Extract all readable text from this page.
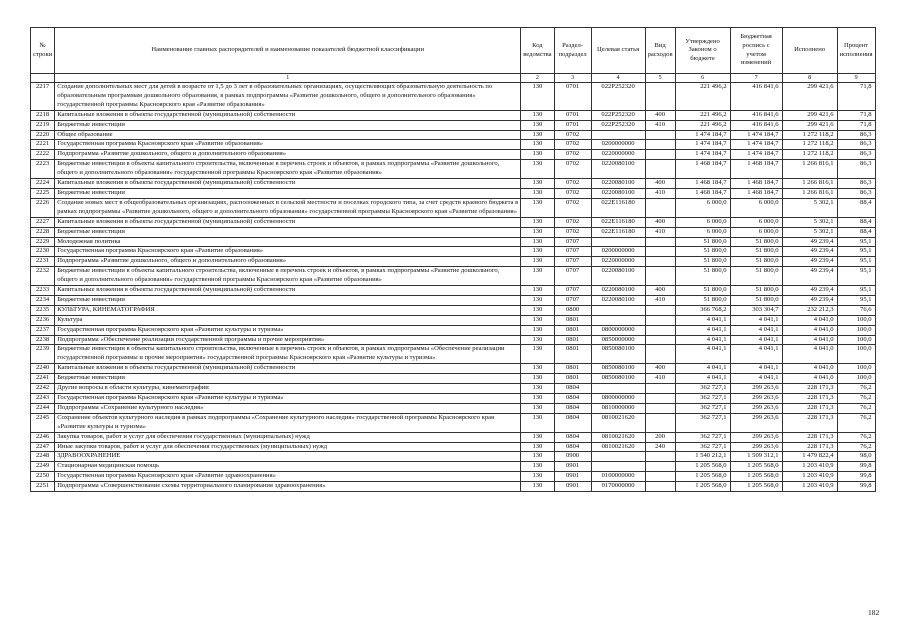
№ строки	Наименование главных распорядителей и наименование показателей бюджетной классификации	Код ведомства	Раздел-подраздел	Целевая статья	Вид расходов	Утверждено Законом о бюджете	Бюджетная роспись с учетом изменений	Исполнено	Процент исполнения
	1	2	3	4	5	6	7	8	9
2217	Создание дополнительных мест для детей в возрасте от 1,5 до 3 лет в образовательных организациях, осуществляющих образовательную деятельность по образовательным программам дошкольного образования, в рамках подпрограммы «Развитие дошкольного, общего и дополнительного образования» государственной программы Красноярского края «Развитие образования»	130	0701	022P252320		221 496,2	416 841,6	299 421,6	71,8
2218	Капитальные вложения в объекты государственной (муниципальной) собственности	130	0701	022P252320	400	221 496,2	416 841,6	299 421,6	71,8
2219	Бюджетные инвестиции	130	0701	022P252320	410	221 496,2	416 841,6	299 421,6	71,8
2220	Общее образование	130	0702			1 474 184,7	1 474 184,7	1 272 118,2	86,3
2221	Государственная программа Красноярского края «Развитие образования»	130	0702	0200000000		1 474 184,7	1 474 184,7	1 272 118,2	86,3
2222	Подпрограмма «Развитие дошкольного, общего и дополнительного образования»	130	0702	0220000000		1 474 184,7	1 474 184,7	1 272 118,2	86,3
2223	Бюджетные инвестиции в объекты капитального строительства, включенные в перечень строек и объектов, в рамках подпрограммы «Развитие дошкольного, общего и дополнительного образования» государственной программы Красноярского края «Развитие образования»	130	0702	0220080100		1 468 184,7	1 468 184,7	1 266 816,1	86,3
2224	Капитальные вложения в объекты государственной (муниципальной) собственности	130	0702	0220080100	400	1 468 184,7	1 468 184,7	1 266 816,1	86,3
2225	Бюджетные инвестиции	130	0702	0220080100	410	1 468 184,7	1 468 184,7	1 266 816,1	86,3
2226	Создание новых мест в общеобразовательных организациях, расположенных в сельской местности и поселках городского типа, за счет средств краевого бюджета в рамках подпрограммы «Развитие дошкольного, общего и дополнительного образования» государственной программы Красноярского края «Развитие образования»	130	0702	022E116180		6 000,0	6 000,0	5 302,1	88,4
2227	Капитальные вложения в объекты государственной (муниципальной) собственности	130	0702	022E116180	400	6 000,0	6 000,0	5 302,1	88,4
2228	Бюджетные инвестиции	130	0702	022E116180	410	6 000,0	6 000,0	5 302,1	88,4
2229	Молодежная политика	130	0707			51 800,0	51 800,0	49 239,4	95,1
2230	Государственная программа Красноярского края «Развитие образования»	130	0707	0200000000		51 800,0	51 800,0	49 239,4	95,1
2231	Подпрограмма «Развитие дошкольного, общего и дополнительного образования»	130	0707	0220000000		51 800,0	51 800,0	49 239,4	95,1
2232	Бюджетные инвестиции в объекты капитального строительства, включенные в перечень строек и объектов, в рамках подпрограммы «Развитие дошкольного, общего и дополнительного образования» государственной программы Красноярского края «Развитие образования»	130	0707	0220080100		51 800,0	51 800,0	49 239,4	95,1
2233	Капитальные вложения в объекты государственной (муниципальной) собственности	130	0707	0220080100	400	51 800,0	51 800,0	49 239,4	95,1
2234	Бюджетные инвестиции	130	0707	0220080100	410	51 800,0	51 800,0	49 239,4	95,1
2235	КУЛЬТУРА, КИНЕМАТОГРАФИЯ	130	0800			366 768,2	303 304,7	232 212,3	76,6
2236	Культура	130	0801			4 041,1	4 041,1	4 041,0	100,0
2237	Государственная программа Красноярского края «Развитие культуры и туризма»	130	0801	0800000000		4 041,1	4 041,1	4 041,0	100,0
2238	Подпрограмма «Обеспечение реализации государственной программы и прочие мероприятия»	130	0801	0850000000		4 041,1	4 041,1	4 041,0	100,0
2239	Бюджетные инвестиции в объекты капитального строительства, включенные в перечень строек и объектов, в рамках подпрограммы «Обеспечение реализации государственной программы и прочие мероприятия» государственной программы Красноярского края «Развитие культуры и туризма»	130	0801	0850080100		4 041,1	4 041,1	4 041,0	100,0
2240	Капитальные вложения в объекты государственной (муниципальной) собственности	130	0801	0850080100	400	4 041,1	4 041,1	4 041,0	100,0
2241	Бюджетные инвестиции	130	0801	0850080100	410	4 041,1	4 041,1	4 041,0	100,0
2242	Другие вопросы в области культуры, кинематографии	130	0804			362 727,1	299 263,6	228 171,3	76,2
2243	Государственная программа Красноярского края «Развитие культуры и туризма»	130	0804	0800000000		362 727,1	299 263,6	228 171,3	76,2
2244	Подпрограмма «Сохранение культурного наследия»	130	0804	0810000000		362 727,1	299 263,6	228 171,3	76,2
2245	Сохранение объектов культурного наследия в рамках подпрограммы «Сохранение культурного наследия» государственной программы Красноярского края «Развитие культуры и туризма»	130	0804	0810021620		362 727,1	299 263,6	228 171,3	76,2
2246	Закупка товаров, работ и услуг для обеспечения государственных (муниципальных) нужд	130	0804	0810021620	200	362 727,1	299 263,6	228 171,3	76,2
2247	Иные закупки товаров, работ и услуг для обеспечения государственных (муниципальных) нужд	130	0804	0810021620	240	362 727,1	299 263,6	228 171,3	76,2
2248	ЗДРАВООХРАНЕНИЕ	130	0900			1 540 212,1	1 509 312,1	1 479 822,4	98,0
2249	Стационарная медицинская помощь	130	0901			1 205 568,0	1 205 568,0	1 203 410,9	99,8
2250	Государственная программа Красноярского края «Развитие здравоохранения»	130	0901	0100000000		1 205 568,0	1 205 568,0	1 203 410,9	99,8
2251	Подпрограмма «Совершенствование схемы территориального планирования здравоохранения»	130	0901	0170000000		1 205 568,0	1 205 568,0	1 203 410,9	99,8
182
